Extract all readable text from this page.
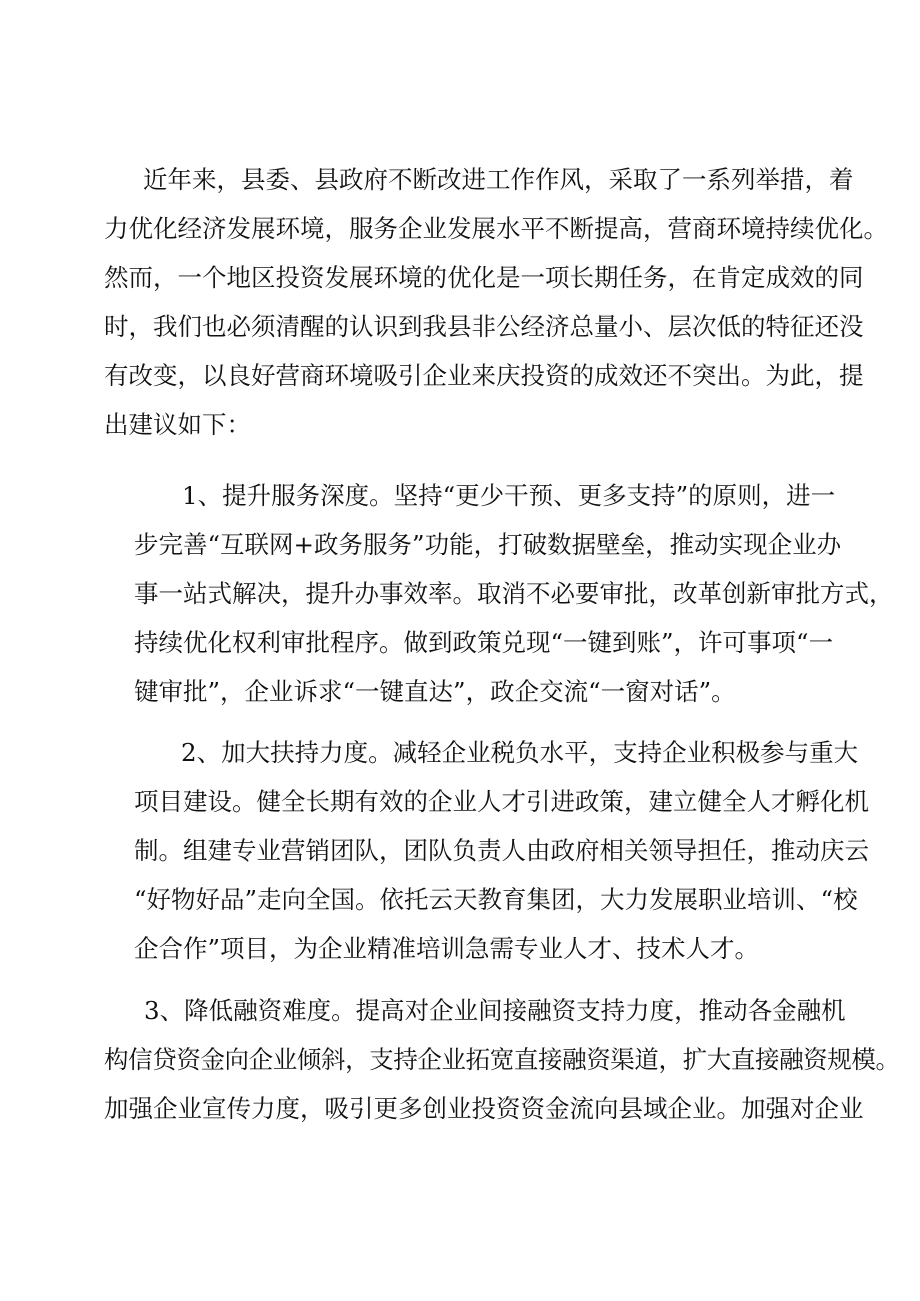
近年来，县委、县政府不断改进工作作风，采取了一系列举措，着
力优化经济发展环境，服务企业发展水平不断提高，营商环境持续优化。
然而，一个地区投资发展环境的优化是一项长期任务，在肯定成效的同
时，我们也必须清醒的认识到我县非公经济总量小、层次低的特征还没
有改变，以良好营商环境吸引企业来庆投资的成效还不突出。为此，提
出建议如下：
1、提升服务深度。坚持“更少干预、更多支持”的原则，进一
步完善“互联网+政务服务”功能，打破数据壁垒，推动实现企业办
事一站式解决，提升办事效率。取消不必要审批，改革创新审批方式，
持续优化权利审批程序。做到政策兑现“一键到账”，许可事项“一
键审批”，企业诉求“一键直达”，政企交流“一窗对话”。
2、加大扶持力度。减轻企业税负水平，支持企业积极参与重大
项目建设。健全长期有效的企业人才引进政策，建立健全人才孵化机
制。组建专业营销团队，团队负责人由政府相关领导担任，推动庆云
“好物好品”走向全国。依托云天教育集团，大力发展职业培训、“校
企合作”项目，为企业精准培训急需专业人才、技术人才。
3、降低融资难度。提高对企业间接融资支持力度，推动各金融机
构信贷资金向企业倾斜，支持企业拓宽直接融资渠道，扩大直接融资规模。
加强企业宣传力度，吸引更多创业投资资金流向县域企业。加强对企业
